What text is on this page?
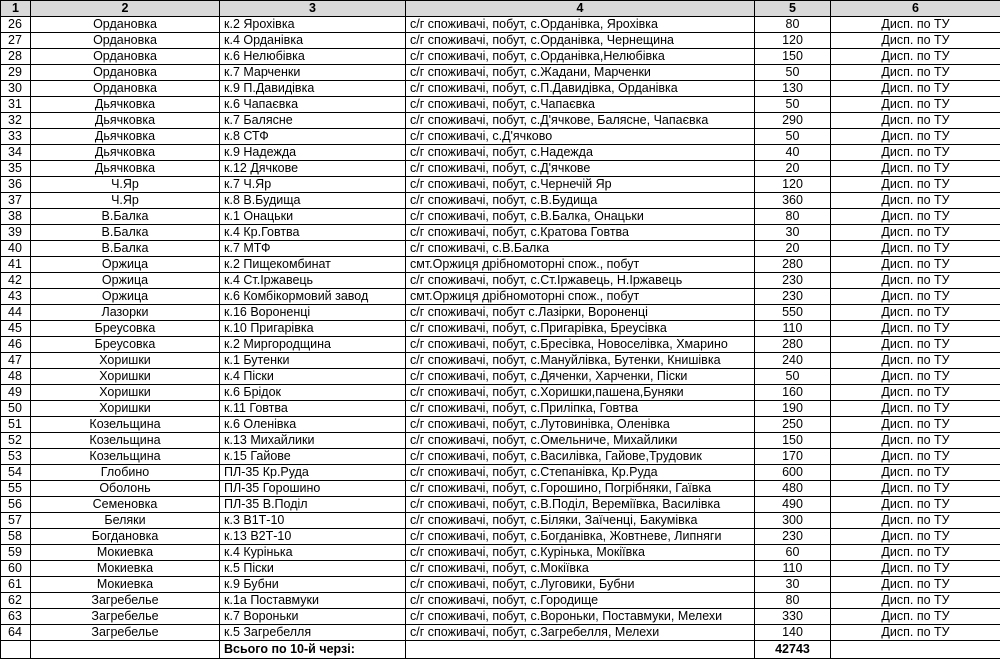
1	2	3	4	5	6
26	Ордановка	к.2 Ярохівка	с/г споживачі, побут, с.Орданівка, Ярохівка	80	Дисп. по ТУ
27	Ордановка	к.4 Орданівка	с/г споживачі, побут, с.Орданівка, Чернещина	120	Дисп. по ТУ
28	Ордановка	к.6 Нелюбівка	с/г споживачі, побут, с.Орданівка,Нелюбівка	150	Дисп. по ТУ
29	Ордановка	к.7 Марченки	с/г споживачі, побут, с.Жадани, Марченки	50	Дисп. по ТУ
30	Ордановка	к.9 П.Давидівка	с/г споживачі, побут, с.П.Давидівка, Орданівка	130	Дисп. по ТУ
31	Дьячковка	к.6 Чапаєвка	с/г споживачі, побут, с.Чапаєвка	50	Дисп. по ТУ
32	Дьячковка	к.7 Балясне	с/г споживачі, побут, с.Д'ячкове, Балясне, Чапаєвка	290	Дисп. по ТУ
33	Дьячковка	к.8 СТФ	с/г споживачі, с.Д'ячково	50	Дисп. по ТУ
34	Дьячковка	к.9 Надежда	с/г споживачі, побут, с.Надежда	40	Дисп. по ТУ
35	Дьячковка	к.12 Дячкове	с/г споживачі, побут, с.Д'ячкове	20	Дисп. по ТУ
36	Ч.Яр	к.7 Ч.Яр	с/г споживачі, побут, с.Чернечій Яр	120	Дисп. по ТУ
37	Ч.Яр	к.8 В.Будища	с/г споживачі, побут, с.В.Будища	360	Дисп. по ТУ
38	В.Балка	к.1 Онацьки	с/г споживачі, побут, с.В.Балка, Онацьки	80	Дисп. по ТУ
39	В.Балка	к.4 Кр.Говтва	с/г споживачі, побут, с.Кратова Говтва	30	Дисп. по ТУ
40	В.Балка	к.7 МТФ	с/г споживачі, с.В.Балка	20	Дисп. по ТУ
41	Оржица	к.2 Пищекомбинат	смт.Оржиця дрібномоторні спож., побут	280	Дисп. по ТУ
42	Оржица	к.4 Ст.Іржавець	с/г споживачі, побут, с.Ст.Іржавець, Н.Іржавець	230	Дисп. по ТУ
43	Оржица	к.6 Комбікормовий завод	смт.Оржиця дрібномоторні спож., побут	230	Дисп. по ТУ
44	Лазорки	к.16 Вороненці	с/г споживачі, побут с.Лазірки, Вороненці	550	Дисп. по ТУ
45	Бреусовка	к.10 Пригарівка	с/г споживачі, побут, с.Пригарівка, Бреусівка	110	Дисп. по ТУ
46	Бреусовка	к.2 Миргородщина	с/г споживачі, побут, с.Бресівка, Новоселівка, Хмарино	280	Дисп. по ТУ
47	Хоришки	к.1 Бутенки	с/г споживачі, побут, с.Мануйлівка, Бутенки, Книшівка	240	Дисп. по ТУ
48	Хоришки	к.4 Піски	с/г споживачі, побут, с.Дяченки, Харченки, Піски	50	Дисп. по ТУ
49	Хоришки	к.6 Брідок	с/г споживачі, побут, с.Хоришки,пашена,Буняки	160	Дисп. по ТУ
50	Хоришки	к.11 Говтва	с/г споживачі, побут, с.Приліпка, Говтва	190	Дисп. по ТУ
51	Козельщина	к.6 Оленівка	с/г споживачі, побут, с.Лутовинівка, Оленівка	250	Дисп. по ТУ
52	Козельщина	к.13 Михайлики	с/г споживачі, побут, с.Омельниче, Михайлики	150	Дисп. по ТУ
53	Козельщина	к.15 Гайове	с/г споживачі, побут, с.Василівка, Гайове,Трудовик	170	Дисп. по ТУ
54	Глобино	ПЛ-35 Кр.Руда	с/г споживачі, побут, с.Степанівка, Кр.Руда	600	Дисп. по ТУ
55	Оболонь	ПЛ-35 Горошино	с/г споживачі, побут, с.Горошино, Погрібняки, Гаївка	480	Дисп. по ТУ
56	Семеновка	ПЛ-35 В.Поділ	с/г споживачі, побут, с.В.Поділ, Вереміївка, Василівка	490	Дисп. по ТУ
57	Беляки	к.3 В1Т-10	с/г споживачі, побут, с.Біляки, Заїченці, Бакумівка	300	Дисп. по ТУ
58	Богдановка	к.13 В2Т-10	с/г споживачі, побут, с.Богданівка, Жовтневе, Липняги	230	Дисп. по ТУ
59	Мокиевка	к.4 Курінька	с/г споживачі, побут, с.Курінька, Мокіївка	60	Дисп. по ТУ
60	Мокиевка	к.5 Піски	с/г споживачі, побут, с.Мокіївка	110	Дисп. по ТУ
61	Мокиевка	к.9 Бубни	с/г споживачі, побут, с.Луговики, Бубни	30	Дисп. по ТУ
62	Загребелье	к.1а Поставмуки	с/г споживачі, побут, с.Городище	80	Дисп. по ТУ
63	Загребелье	к.7 Вороньки	с/г споживачі, побут, с.Вороньки, Поставмуки, Мелехи	330	Дисп. по ТУ
64	Загребелье	к.5 Загребелля	с/г споживачі, побут, с.Загребелля, Мелехи	140	Дисп. по ТУ
		Всього по 10-й черзі:		42743	
